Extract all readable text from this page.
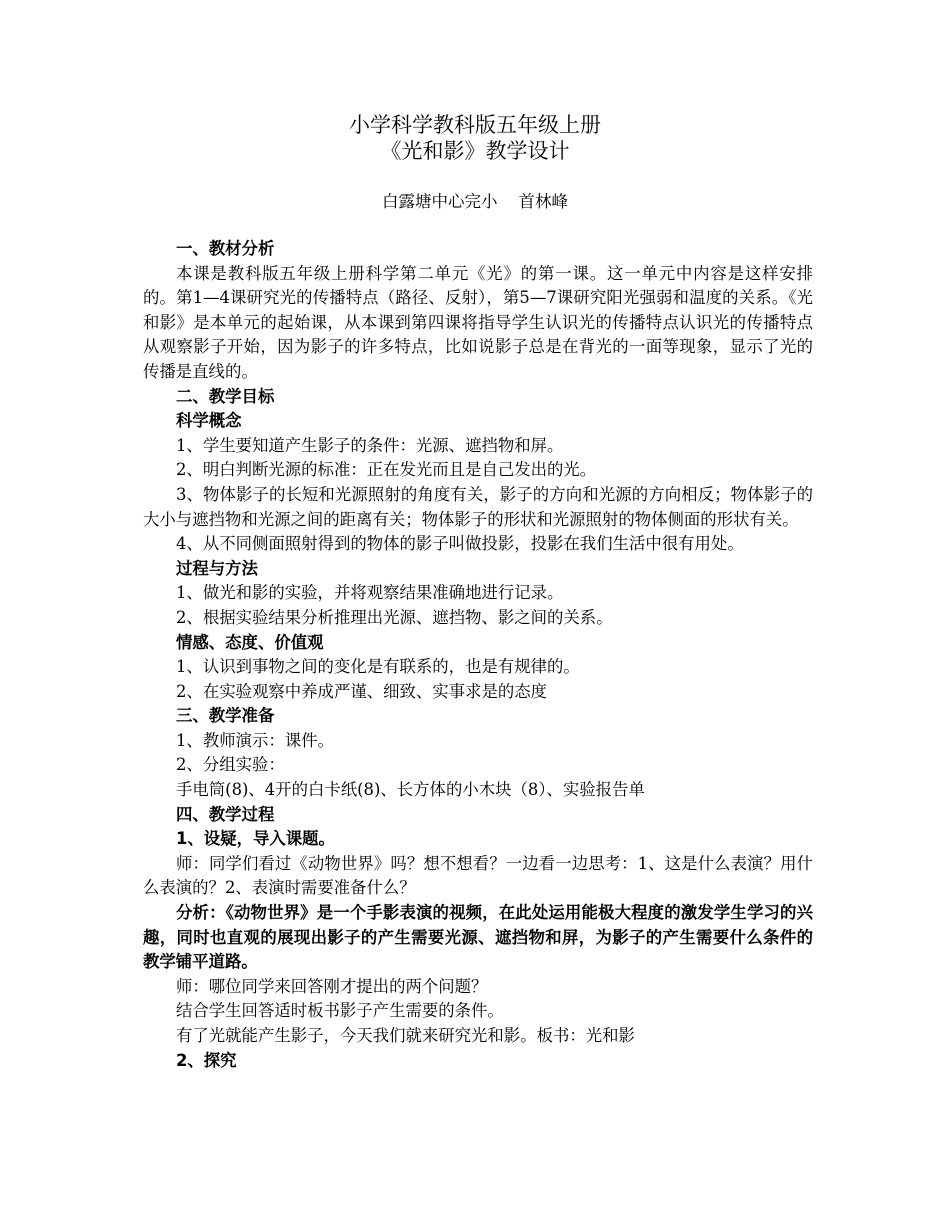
小学科学教科版五年级上册
《光和影》教学设计
白露塘中心完小    首林峰

一、教材分析

本课是教科版五年级上册科学第二单元《光》的第一课。这一单元中内容是这样安排的。第1—4课研究光的传播特点（路径、反射），第5—7课研究阳光强弱和温度的关系。《光和影》是本单元的起始课，从本课到第四课将指导学生认识光的传播特点认识光的传播特点从观察影子开始，因为影子的许多特点，比如说影子总是在背光的一面等现象，显示了光的传播是直线的。

二、教学目标

科学概念

1、学生要知道产生影子的条件：光源、遮挡物和屏。

2、明白判断光源的标准：正在发光而且是自己发出的光。

3、物体影子的长短和光源照射的角度有关，影子的方向和光源的方向相反；物体影子的大小与遮挡物和光源之间的距离有关；物体影子的形状和光源照射的物体侧面的形状有关。

4、从不同侧面照射得到的物体的影子叫做投影，投影在我们生活中很有用处。

过程与方法

1、做光和影的实验，并将观察结果准确地进行记录。

2、根据实验结果分析推理出光源、遮挡物、影之间的关系。

情感、态度、价值观

1、认识到事物之间的变化是有联系的，也是有规律的。

2、在实验观察中养成严谨、细致、实事求是的态度

三、教学准备

1、教师演示：课件。

2、分组实验：

手电筒(8)、4开的白卡纸(8)、长方体的小木块（8）、实验报告单

四、教学过程

1、设疑，导入课题。

师：同学们看过《动物世界》吗？想不想看？一边看一边思考：1、这是什么表演？用什么表演的？2、表演时需要准备什么？

分析：《动物世界》是一个手影表演的视频，在此处运用能极大程度的激发学生学习的兴趣，同时也直观的展现出影子的产生需要光源、遮挡物和屏，为影子的产生需要什么条件的教学铺平道路。

师：哪位同学来回答刚才提出的两个问题？

结合学生回答适时板书影子产生需要的条件。

有了光就能产生影子，今天我们就来研究光和影。板书：光和影

2、探究
